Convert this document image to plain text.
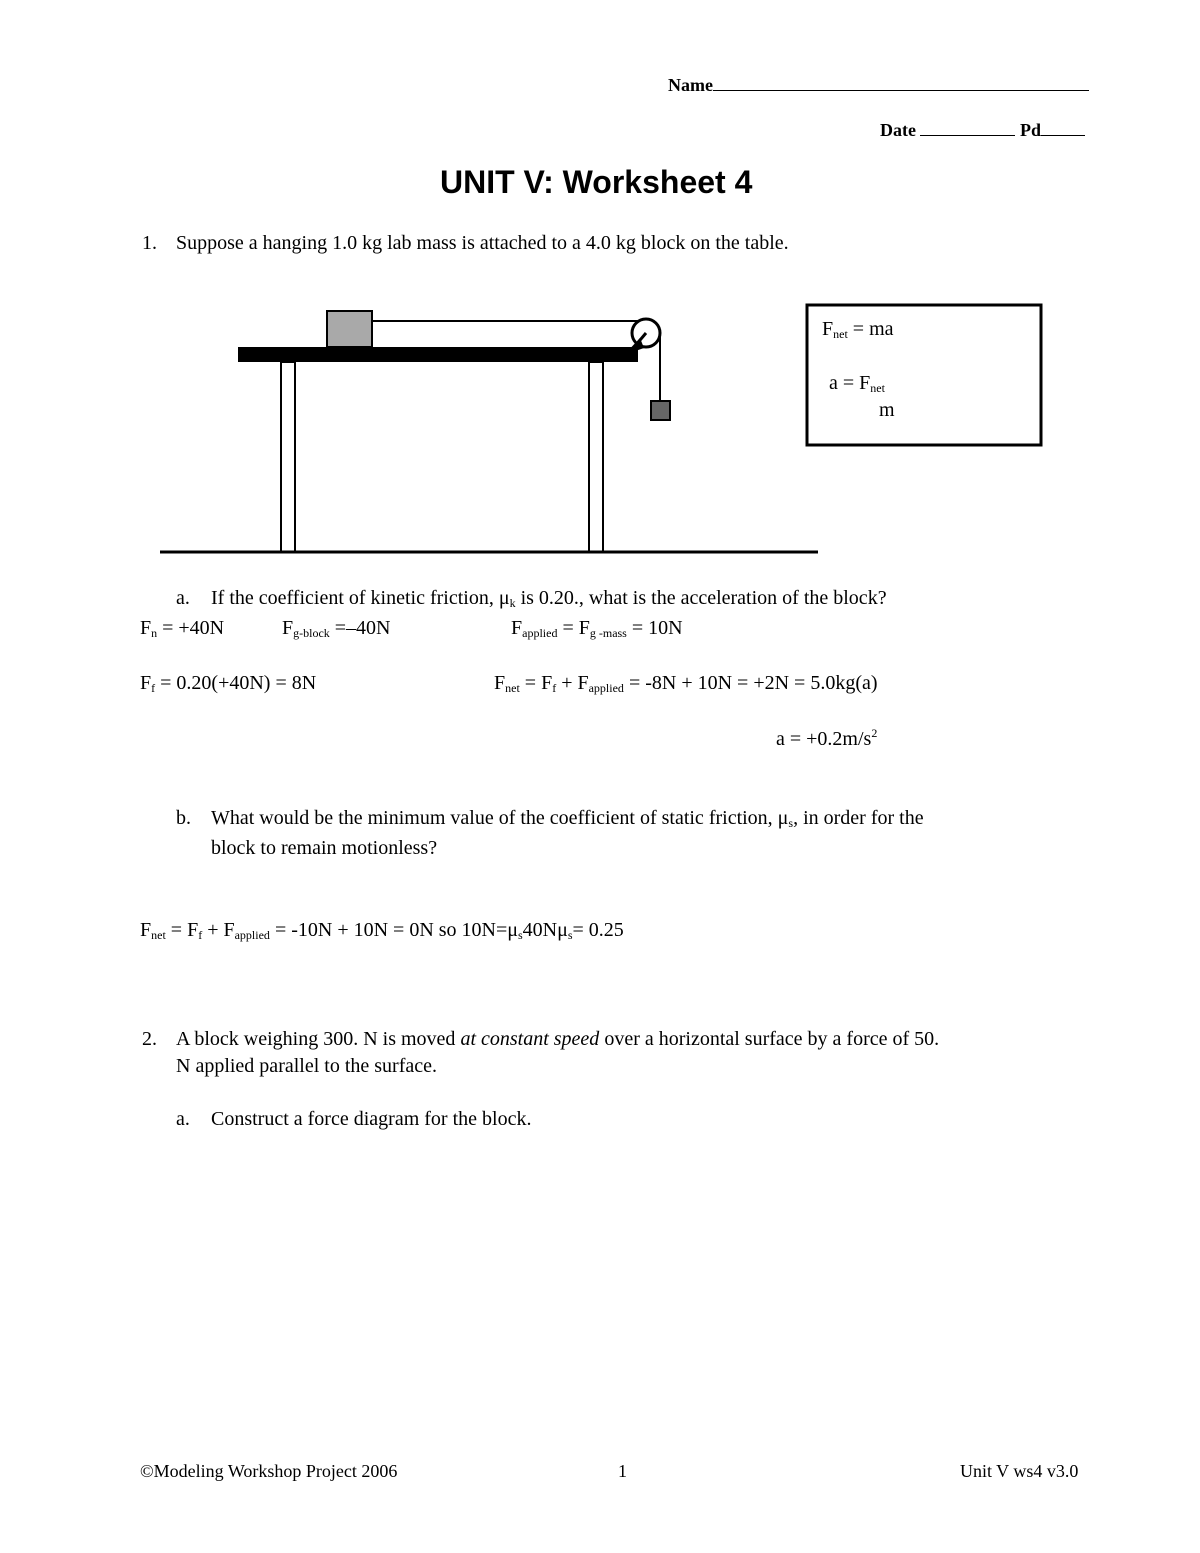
Name
Date	Pd
UNIT V: Worksheet 4
1. Suppose a hanging 1.0 kg lab mass is attached to a 4.0 kg block on the table.
$F_{net}$ = ma
$a = F_{net}$
m
a. If the coefficient of kinetic friction, $\mu_k$ is 0.20., what is the acceleration of the block?
$F_n = +40N$	$F_{g-block} =-40N$	$F_{applied} = F_{g -mass} = 10N$
$F_f = 0.20(+40N) = 8N$	$F_{net} = F_f + F_{applied} = -8N + 10N = +2N = 5.0kg(a)$
$a = +0.2m/s^2$
b. What would be the minimum value of the coefficient of static friction, $\mu_s$, in order for the
block to remain motionless?
$F_{net} = F_f + F_{applied} = -10N + 10N = 0N$ so $10N=\mu_s40N\mu_s= 0.25$
2. A block weighing 300. N is moved at constant speed over a horizontal surface by a force of 50.
N applied parallel to the surface.
a. Construct a force diagram for the block.
©Modeling Workshop Project 2006	1	Unit V ws4 v3.0
